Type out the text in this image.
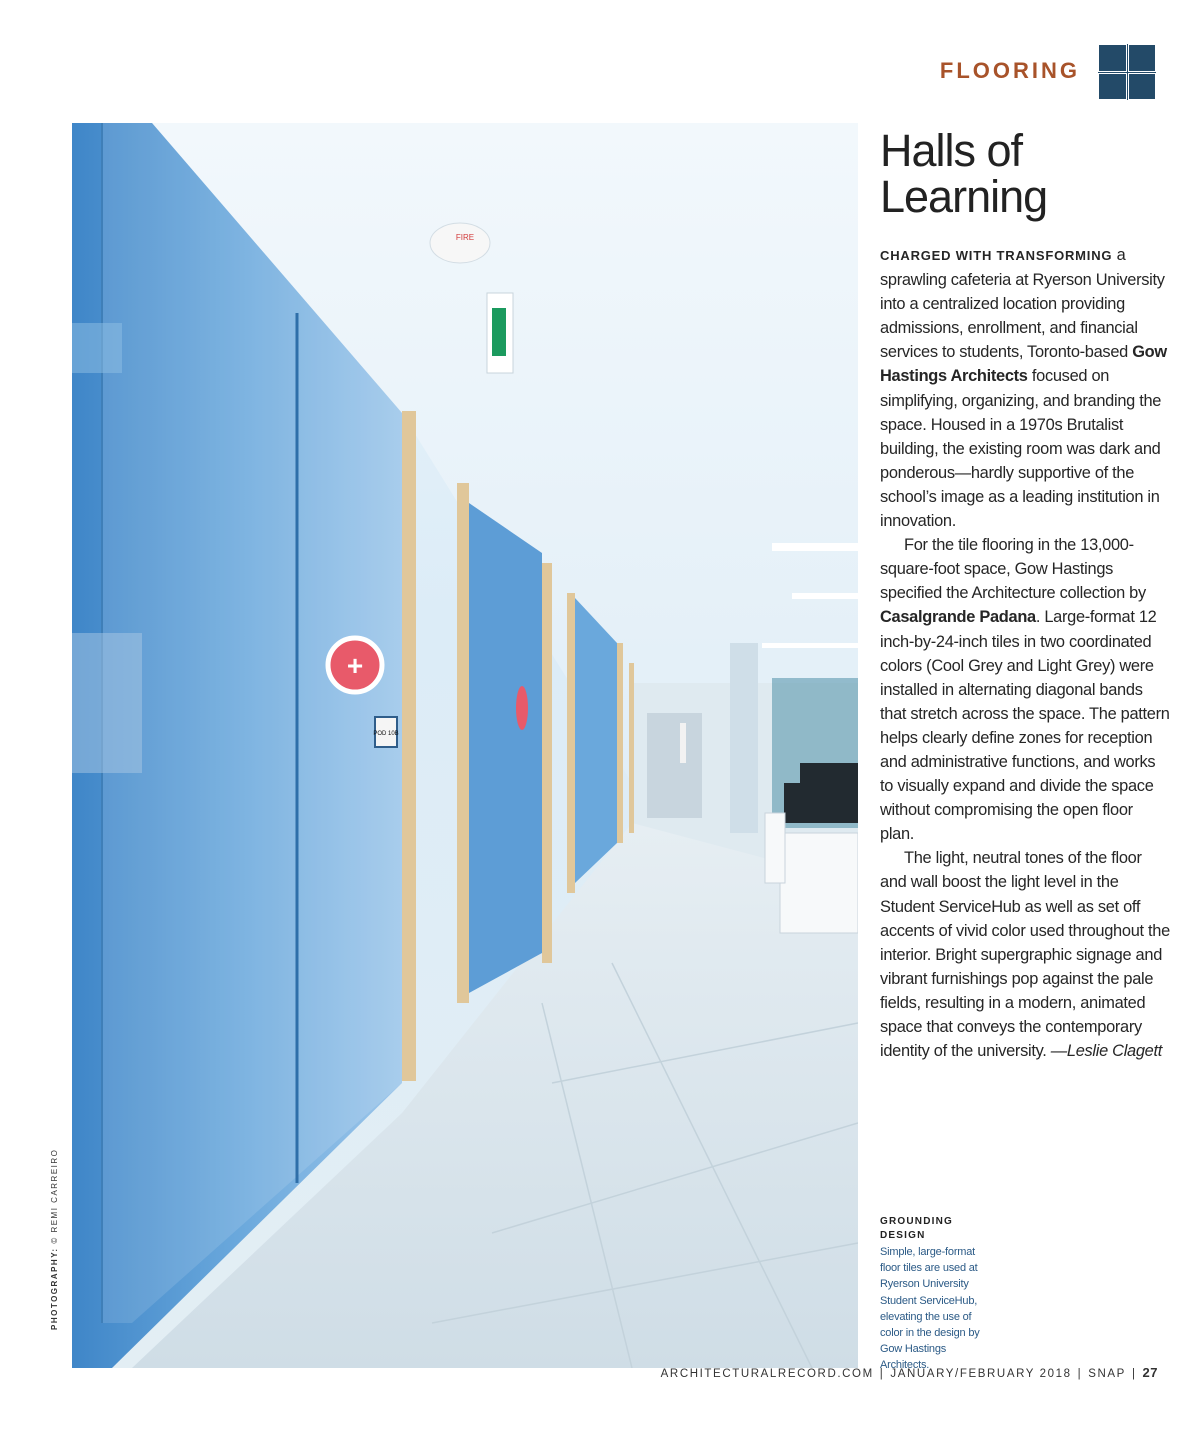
FLOORING
+
POD 10B
FIRE
PHOTOGRAPHY: © REMI CARREIRO
Halls of
Learning

CHARGED WITH TRANSFORMING a sprawling cafeteria at Ryerson University into a centralized location providing admissions, enrollment, and financial services to students, Toronto-based Gow Hastings Architects focused on simplifying, organizing, and branding the space. Housed in a 1970s Brutalist building, the existing room was dark and ponderous—hardly supportive of the school’s image as a leading institution in innovation.

For the tile flooring in the 13,000-square-foot space, Gow Hastings specified the Architecture collection by Casalgrande Padana. Large-format 12 inch-by-24-inch tiles in two coordinated colors (Cool Grey and Light Grey) were installed in alternating diagonal bands that stretch across the space. The pattern helps clearly define zones for reception and administrative functions, and works to visually expand and divide the space without compromising the open floor plan.

The light, neutral tones of the floor and wall boost the light level in the Student ServiceHub as well as set off accents of vivid color used throughout the interior. Bright supergraphic signage and vibrant furnishings pop against the pale fields, resulting in a modern, animated space that conveys the contemporary identity of the university. —Leslie Clagett

GROUNDING DESIGN
Simple, large-format floor tiles are used at Ryerson University Student ServiceHub, elevating the use of color in the design by Gow Hastings Architects.
ARCHITECTURALRECORD.COM | JANUARY/FEBRUARY 2018 | SNAP | 27
